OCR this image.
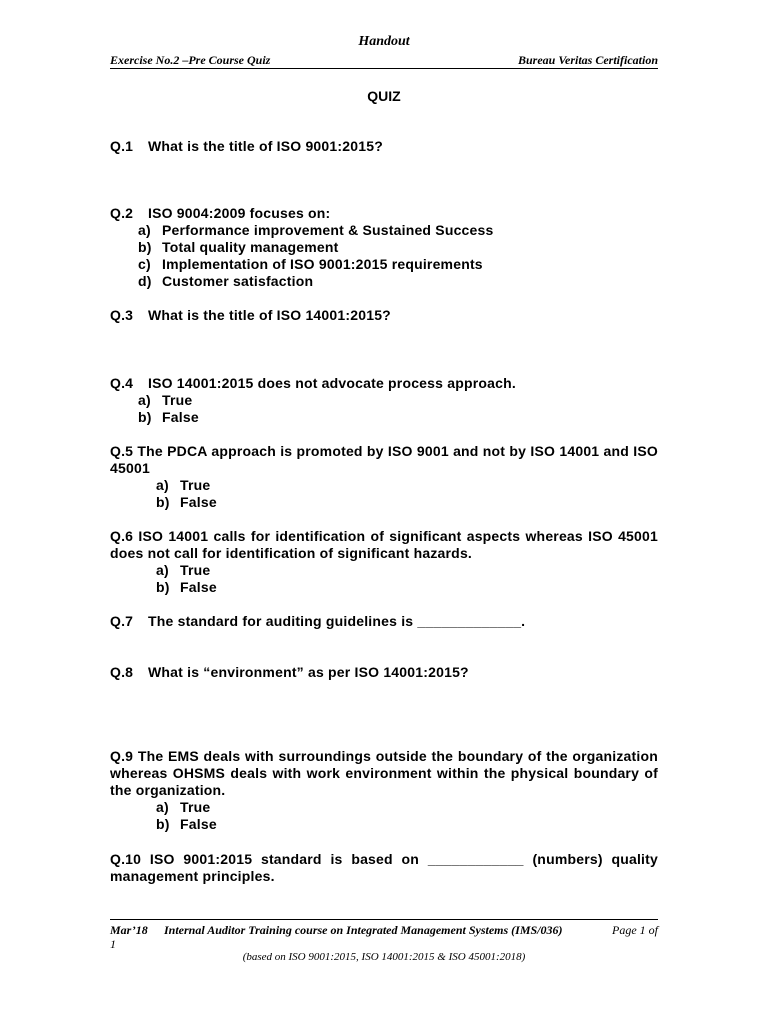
Handout
Exercise No.2 –Pre Course Quiz	Bureau Veritas Certification
QUIZ
Q.1 What is the title of ISO 9001:2015?
Q.2 ISO 9004:2009 focuses on:
a) Performance improvement & Sustained Success
b) Total quality management
c) Implementation of ISO 9001:2015 requirements
d) Customer satisfaction
Q.3 What is the title of ISO 14001:2015?
Q.4 ISO 14001:2015 does not advocate process approach.
a) True
b) False
Q.5 The PDCA approach is promoted by ISO 9001 and not by ISO 14001 and ISO 45001
a) True
b) False
Q.6 ISO 14001 calls for identification of significant aspects whereas ISO 45001 does not call for identification of significant hazards.
a) True
b) False
Q.7 The standard for auditing guidelines is _____________.
Q.8 What is “environment” as per ISO 14001:2015?
Q.9 The EMS deals with surroundings outside the boundary of the organization whereas OHSMS deals with work environment within the physical boundary of the organization.
a) True
b) False
Q.10 ISO 9001:2015 standard is based on ____________ (numbers) quality management principles.
Mar’18 Internal Auditor Training course on Integrated Management Systems (IMS/036)	Page 1 of
1
(based on ISO 9001:2015, ISO 14001:2015 & ISO 45001:2018)
